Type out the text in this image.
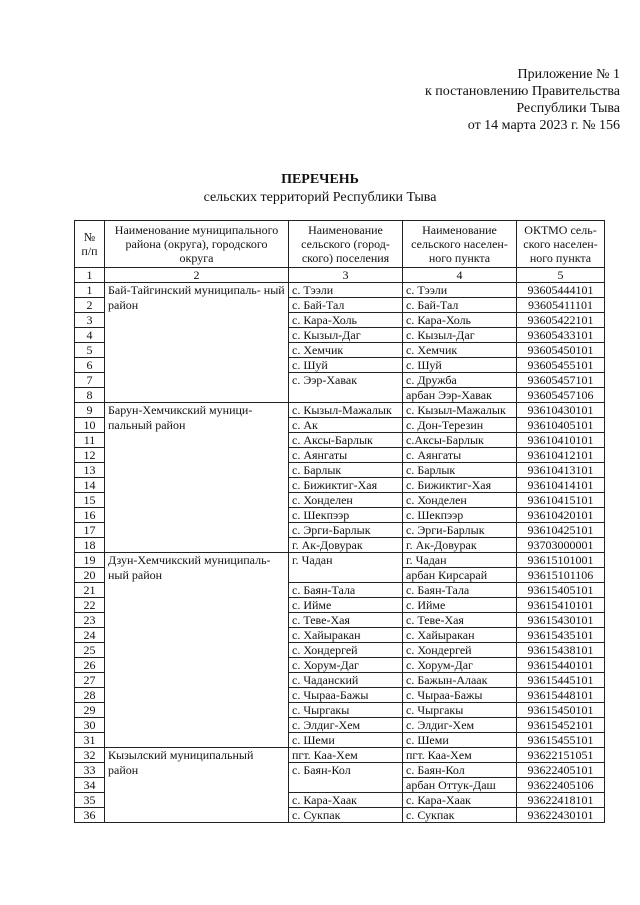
Приложение № 1
к постановлению Правительства
Республики Тыва
от 14 марта 2023 г. № 156
ПЕРЕЧЕНЬ
сельских территорий Республики Тыва
№ п/п	Наименование муниципального района (округа), городского округа	Наименование сельского (город- ского) поселения	Наименование сельского населен- ного пункта	ОКТМО сель- ского населен- ного пункта
1	2	3	4	5
1	Бай-Тайгинский муниципаль- ный район	с. Тээли	с. Тээли	93605444101
2		с. Бай-Тал	с. Бай-Тал	93605411101
3		с. Кара-Холь	с. Кара-Холь	93605422101
4		с. Кызыл-Даг	с. Кызыл-Даг	93605433101
5		с. Хемчик	с. Хемчик	93605450101
6		с. Шуй	с. Шуй	93605455101
7		с. Ээр-Хавак	с. Дружба	93605457101
8			арбан Ээр-Хавак	93605457106
9	Барун-Хемчикский муници- пальный район	с. Кызыл-Мажалык	с. Кызыл-Мажалык	93610430101
10		с. Ак	с. Дон-Терезин	93610405101
11		с. Аксы-Барлык	с.Аксы-Барлык	93610410101
12		с. Аянгаты	с. Аянгаты	93610412101
13		с. Барлык	с. Барлык	93610413101
14		с. Бижиктиг-Хая	с. Бижиктиг-Хая	93610414101
15		с. Хонделен	с. Хонделен	93610415101
16		с. Шекпээр	с. Шекпээр	93610420101
17		с. Эрги-Барлык	с. Эрги-Барлык	93610425101
18		г. Ак-Довурак	г. Ак-Довурак	93703000001
19	Дзун-Хемчикский муниципаль- ный район	г. Чадан	г. Чадан	93615101001
20			арбан Кирсарай	93615101106
21		с. Баян-Тала	с. Баян-Тала	93615405101
22		с. Ийме	с. Ийме	93615410101
23		с. Теве-Хая	с. Теве-Хая	93615430101
24		с. Хайыракан	с. Хайыракан	93615435101
25		с. Хондергей	с. Хондергей	93615438101
26		с. Хорум-Даг	с. Хорум-Даг	93615440101
27		с. Чаданский	с. Бажын-Алаак	93615445101
28		с. Чыраа-Бажы	с. Чыраа-Бажы	93615448101
29		с. Чыргакы	с. Чыргакы	93615450101
30		с. Элдиг-Хем	с. Элдиг-Хем	93615452101
31		с. Шеми	с. Шеми	93615455101
32	Кызылский муниципальный район	пгт. Каа-Хем	пгт. Каа-Хем	93622151051
33		с. Баян-Кол	с. Баян-Кол	93622405101
34			арбан Оттук-Даш	93622405106
35		с. Кара-Хаак	с. Кара-Хаак	93622418101
36		с. Сукпак	с. Сукпак	93622430101
